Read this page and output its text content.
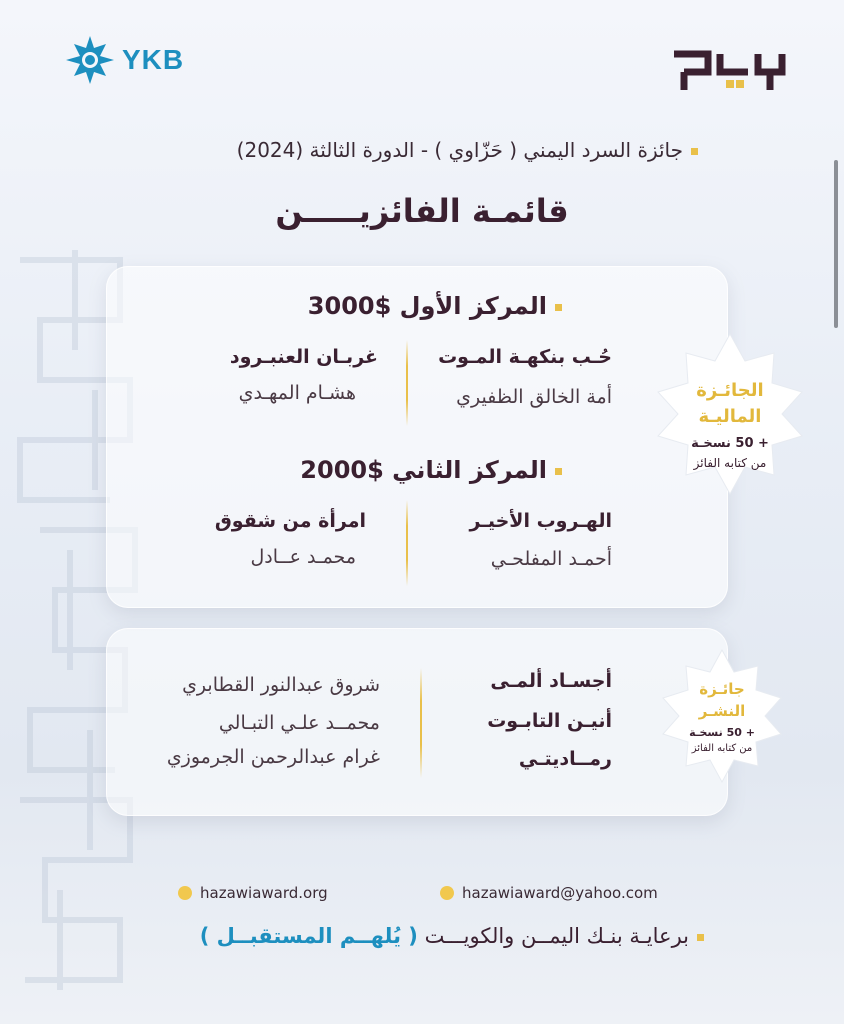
YKB
جائزة السرد اليمني ( حَزّاوي ) - الدورة الثالثة (2024)
قائمـة الفائزيـــــن
المركز الأول $3000
حُـب بنكهـة المـوت
أمة الخالق الظفيري
غربـان العنبـرود
هشـام المهـدي
المركز الثاني $2000
الهـروب الأخيـر
أحمـد المفلحـي
امرأة من شقوق
محمـد عــادل
الجائـزة
الماليـة
+ 50 نسخـة
من كتابه الفائز
أجسـاد ألمـى
أنيـن التابـوت
رمــاديتـي
شروق عبدالنور القطابري
محمــد علـي التبـالي
غرام عبدالرحمن الجرموزي
جائـزة
النشـر
+ 50 نسخـة
من كتابه الفائز
hazawiaward.org	hazawiaward@yahoo.com
برعايـة بنـك اليمــن والكويـــت ( يُلهــم المستقبــل )
